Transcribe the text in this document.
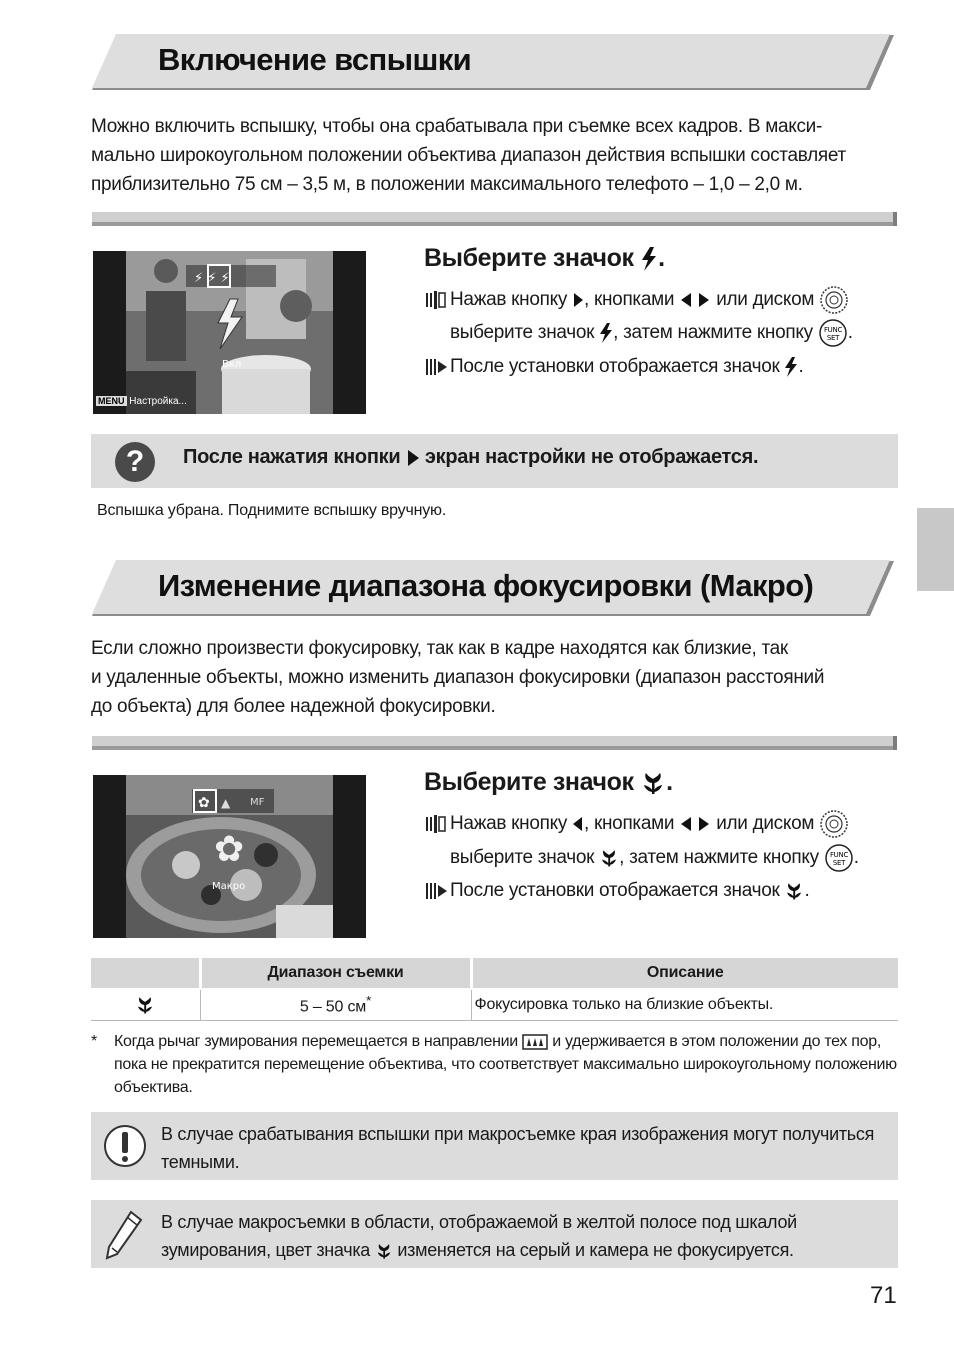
Включение вспышки
Можно включить вспышку, чтобы она срабатывала при съемке всех кадров. В макси-
мально широкоугольном положении объектива диапазон действия вспышки составляет
приблизительно 75 см – 3,5 м, в положении максимального телефото – 1,0 – 2,0 м.
⚡ ⚡ ⚡
Вкл
MENU Настройка...
Выберите значок .
Нажав кнопку
, кнопками

или диском

выберите значок
, затем нажмите кнопку
FUNC
SET .
После установки отображается значок
.
?	После нажатия кнопки экран настройки не отображается.
Вспышка убрана. Поднимите вспышку вручную.
Изменение диапазона фокусировки (Макро)
Если сложно произвести фокусировку, так как в кадре находятся как близкие, так
и удаленные объекты, можно изменить диапазон фокусировки (диапазон расстояний
до объекта) для более надежной фокусировки.
✿ ▲ MF
✿
Макро
Выберите значок .
Нажав кнопку
, кнопками

или диском

выберите значок
, затем нажмите кнопку
FUNC
SET .
После установки отображается значок
.
	Диапазон съемки	Описание
	5 – 50 см*	Фокусировка только на близкие объекты.
* Когда рычаг зумирования перемещается в направлении и удерживается в этом положении до тех пор, пока не прекратится перемещение объектива, что соответствует максимально широкоугольному положению объектива.
В случае срабатывания вспышки при макросъемке края изображения могут получиться темными.
В случае макросъемки в области, отображаемой в желтой полосе под шкалой зумирования, цвет значка изменяется на серый и камера не фокусируется.
71
